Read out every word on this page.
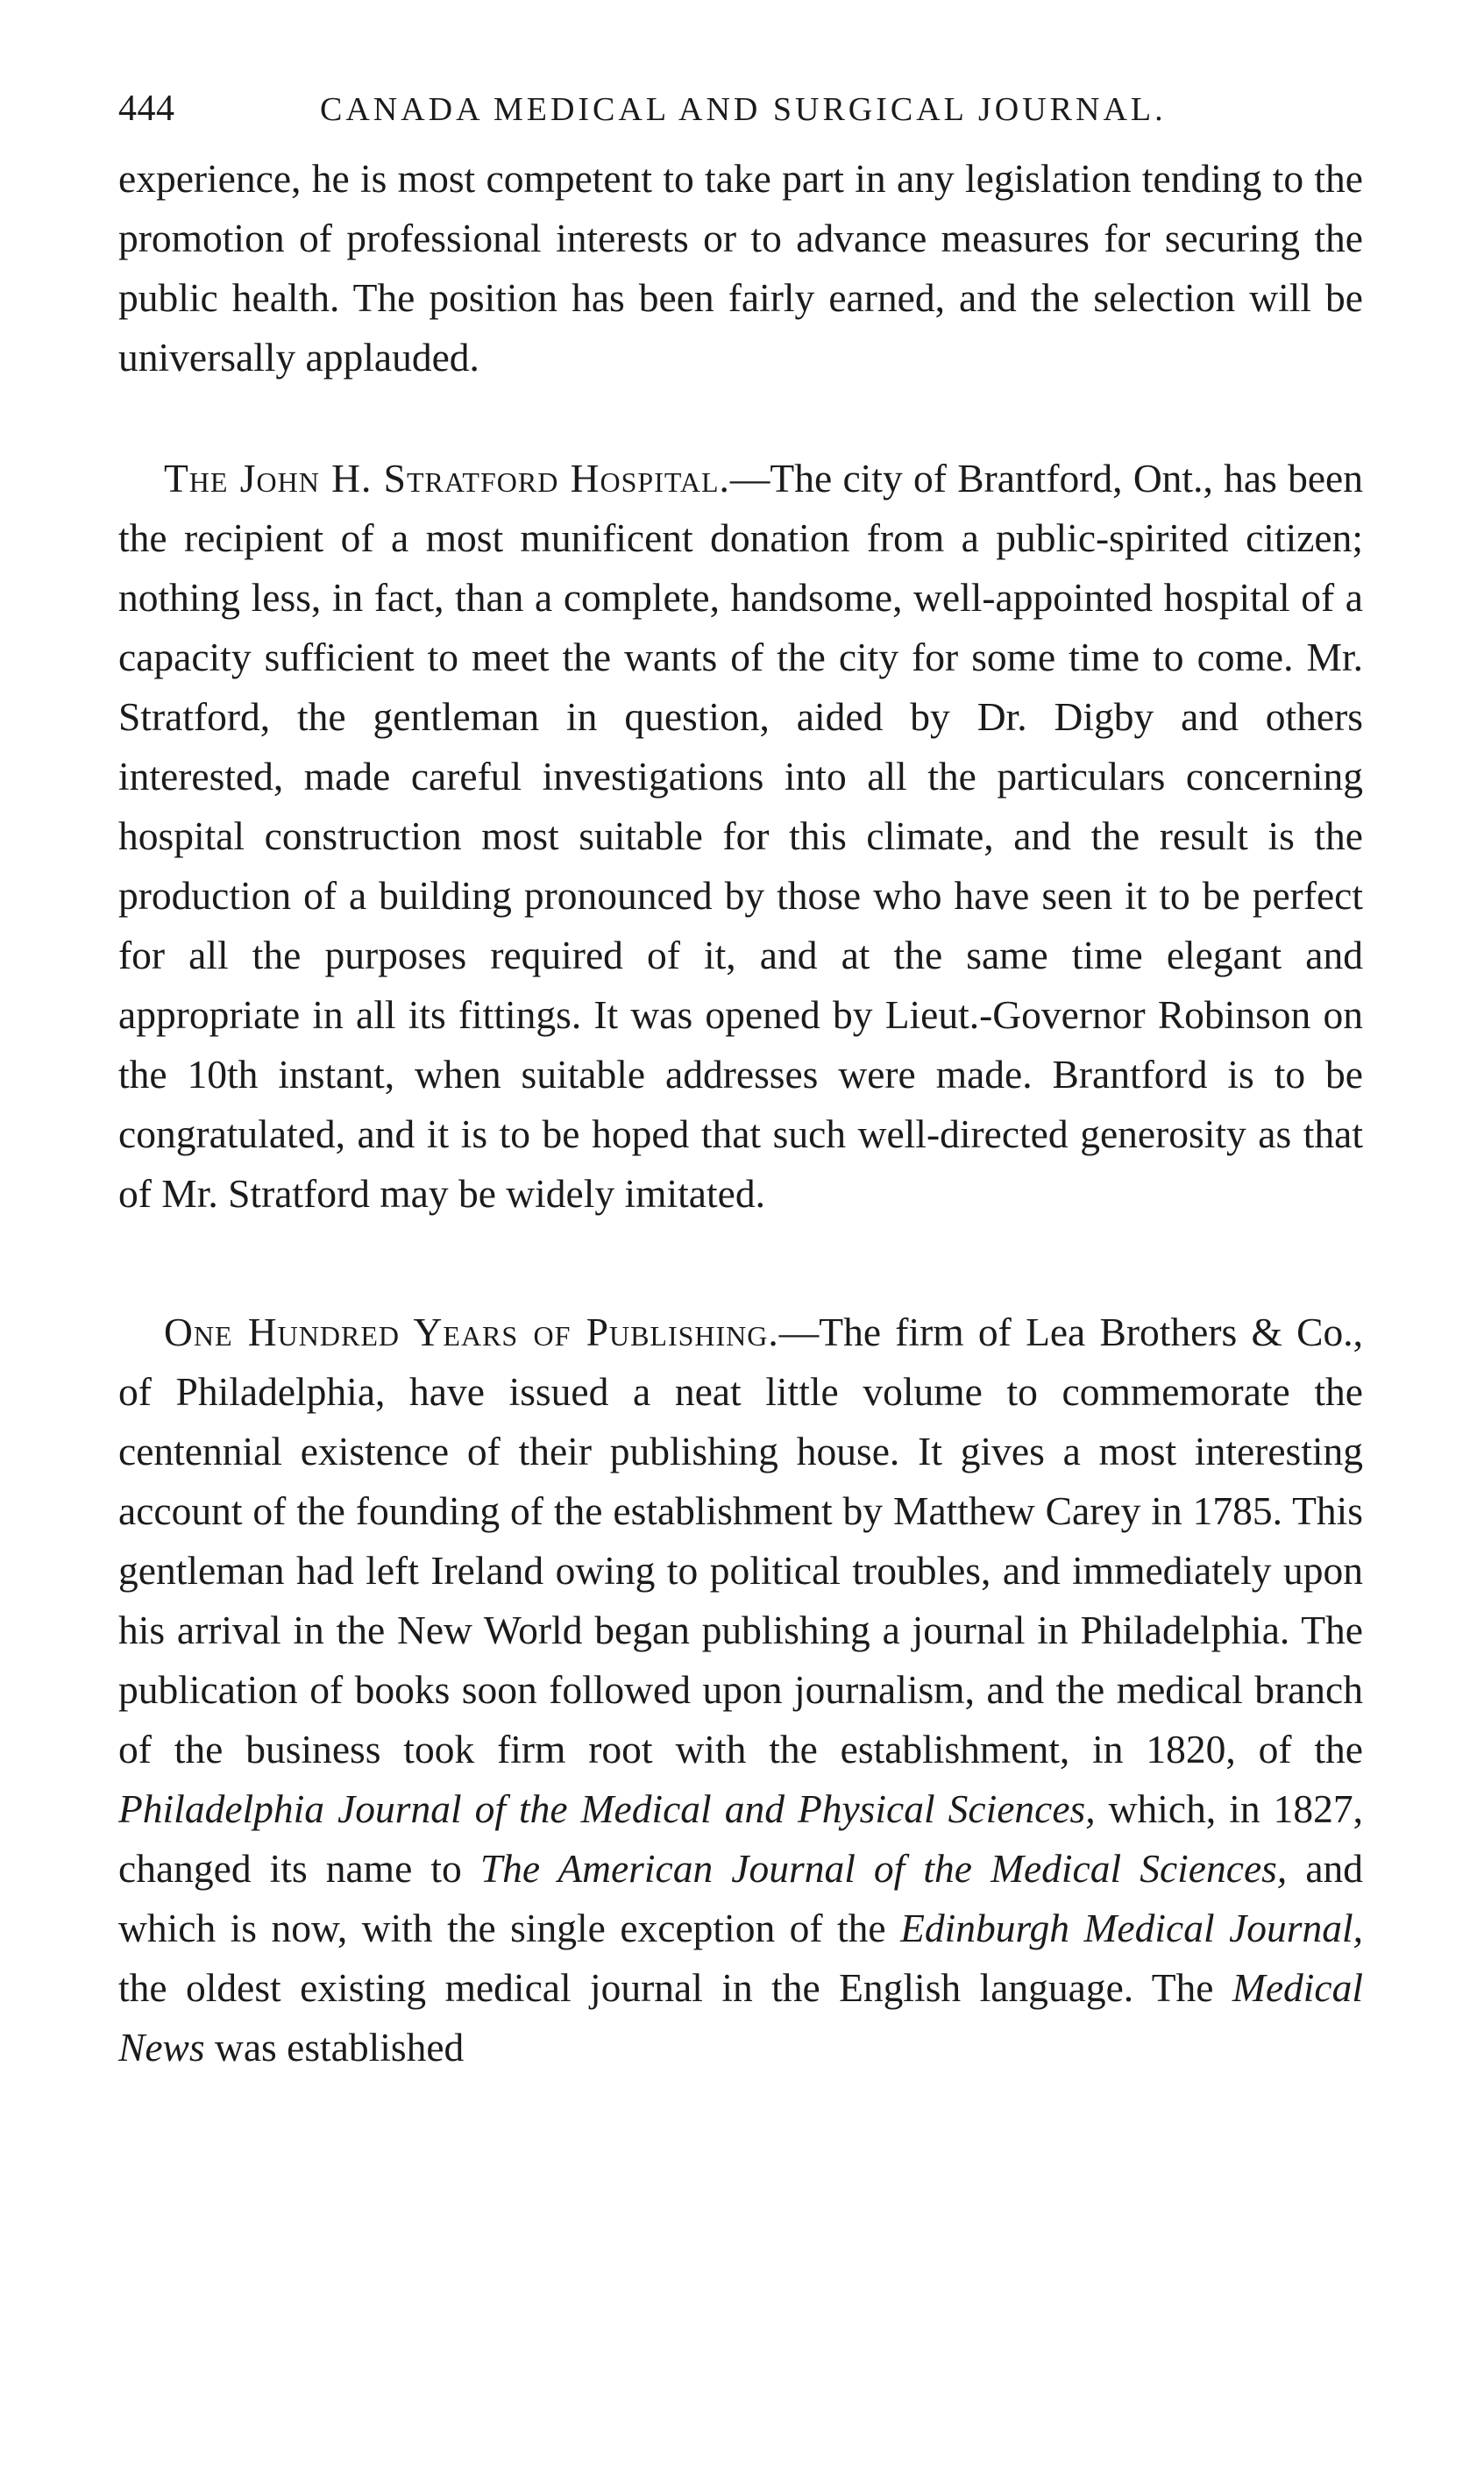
444	CANADA MEDICAL AND SURGICAL JOURNAL.

experience, he is most competent to take part in any legislation tending to the promotion of professional interests or to advance measures for securing the public health. The position has been fairly earned, and the selection will be universally applauded.

The John H. Stratford Hospital.—The city of Brantford, Ont., has been the recipient of a most munificent donation from a public-spirited citizen; nothing less, in fact, than a complete, handsome, well-appointed hospital of a capacity sufficient to meet the wants of the city for some time to come. Mr. Stratford, the gentleman in question, aided by Dr. Digby and others interested, made careful investigations into all the particulars concerning hospital construction most suitable for this climate, and the result is the production of a building pronounced by those who have seen it to be perfect for all the purposes required of it, and at the same time elegant and appropriate in all its fittings. It was opened by Lieut.-Governor Robinson on the 10th instant, when suitable addresses were made. Brantford is to be congratulated, and it is to be hoped that such well-directed generosity as that of Mr. Stratford may be widely imitated.

One Hundred Years of Publishing.—The firm of Lea Brothers & Co., of Philadelphia, have issued a neat little volume to commemorate the centennial existence of their publishing house. It gives a most interesting account of the founding of the establishment by Matthew Carey in 1785. This gentleman had left Ireland owing to political troubles, and immediately upon his arrival in the New World began publishing a journal in Philadelphia. The publication of books soon followed upon journalism, and the medical branch of the business took firm root with the establishment, in 1820, of the Philadelphia Journal of the Medical and Physical Sciences, which, in 1827, changed its name to The American Journal of the Medical Sciences, and which is now, with the single exception of the Edinburgh Medical Journal, the oldest existing medical journal in the English language. The Medical News was established
